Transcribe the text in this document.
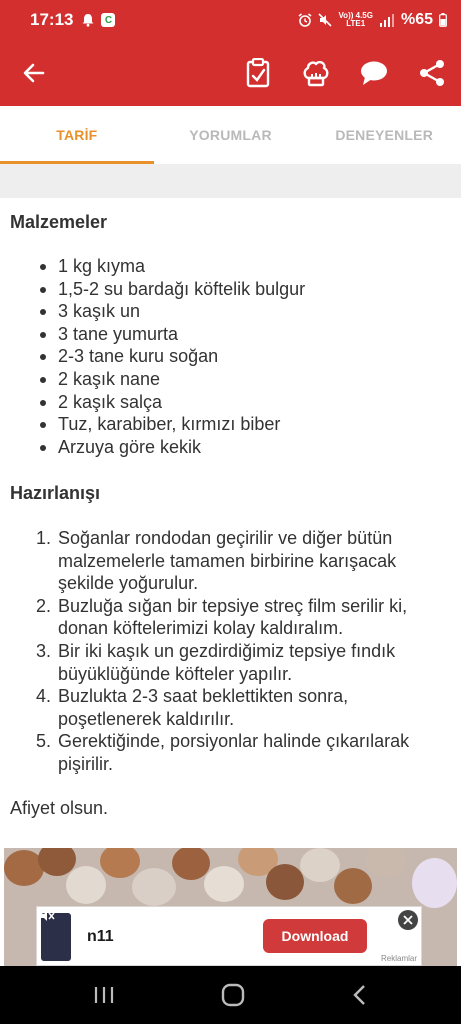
17:13	C	Vo)) 4.5G
LTE1	%65
TARİF	YORUMLAR	DENEYENLER
Malzemeler
1 kg kıyma
1,5-2 su bardağı köftelik bulgur
3 kaşık un
3 tane yumurta
2-3 tane kuru soğan
2 kaşık nane
2 kaşık salça
Tuz, karabiber, kırmızı biber
Arzuya göre kekik
Hazırlanışı
1. Soğanlar rondodan geçirilir ve diğer bütün malzemelerle tamamen birbirine karışacak şekilde yoğurulur.
2. Buzluğa sığan bir tepsiye streç film serilir ki, donan köftelerimizi kolay kaldıralım.
3. Bir iki kaşık un gezdirdiğimiz tepsiye fındık büyüklüğünde köfteler yapılır.
4. Buzlukta 2-3 saat beklettikten sonra, poşetlenerek kaldırılır.
5. Gerektiğinde, porsiyonlar halinde çıkarılarak pişirilir.
Afiyet olsun.
n11	Download
Reklamlar
